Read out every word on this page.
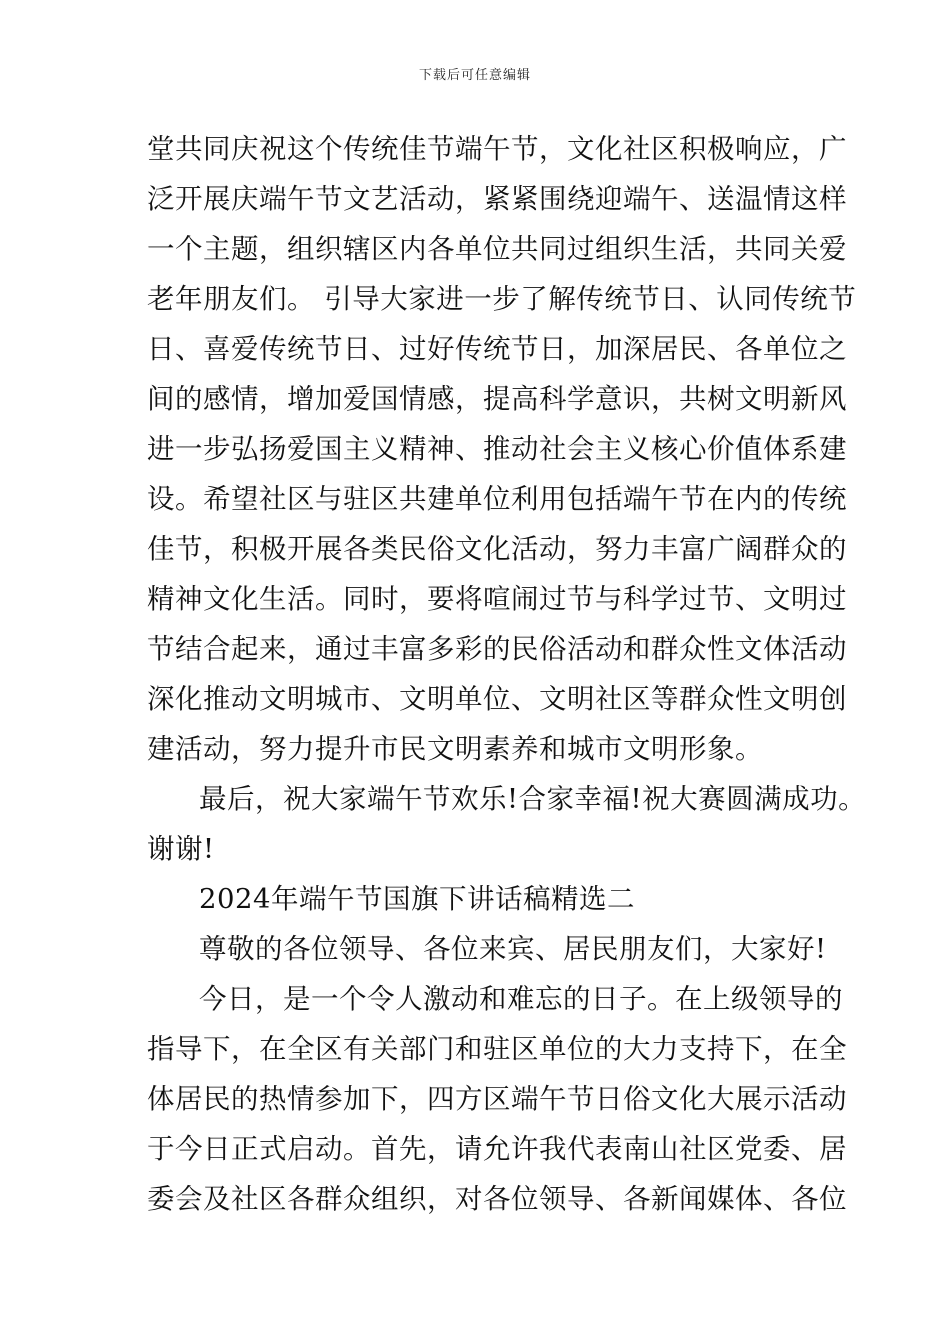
下载后可任意编辑
堂共同庆祝这个传统佳节端午节，文化社区积极响应，广
泛开展庆端午节文艺活动，紧紧围绕迎端午、送温情这样
一个主题，组织辖区内各单位共同过组织生活，共同关爱
老年朋友们。 引导大家进一步了解传统节日、认同传统节
日、喜爱传统节日、过好传统节日，加深居民、各单位之
间的感情，增加爱国情感，提高科学意识，共树文明新风
进一步弘扬爱国主义精神、推动社会主义核心价值体系建
设。希望社区与驻区共建单位利用包括端午节在内的传统
佳节，积极开展各类民俗文化活动，努力丰富广阔群众的
精神文化生活。同时，要将喧闹过节与科学过节、文明过
节结合起来，通过丰富多彩的民俗活动和群众性文体活动
深化推动文明城市、文明单位、文明社区等群众性文明创
建活动，努力提升市民文明素养和城市文明形象。
最后，祝大家端午节欢乐!合家幸福!祝大赛圆满成功。
谢谢!
2024年端午节国旗下讲话稿精选二
尊敬的各位领导、各位来宾、居民朋友们，大家好!
今日，是一个令人激动和难忘的日子。在上级领导的
指导下，在全区有关部门和驻区单位的大力支持下，在全
体居民的热情参加下，四方区端午节日俗文化大展示活动
于今日正式启动。首先，请允许我代表南山社区党委、居
委会及社区各群众组织，对各位领导、各新闻媒体、各位
